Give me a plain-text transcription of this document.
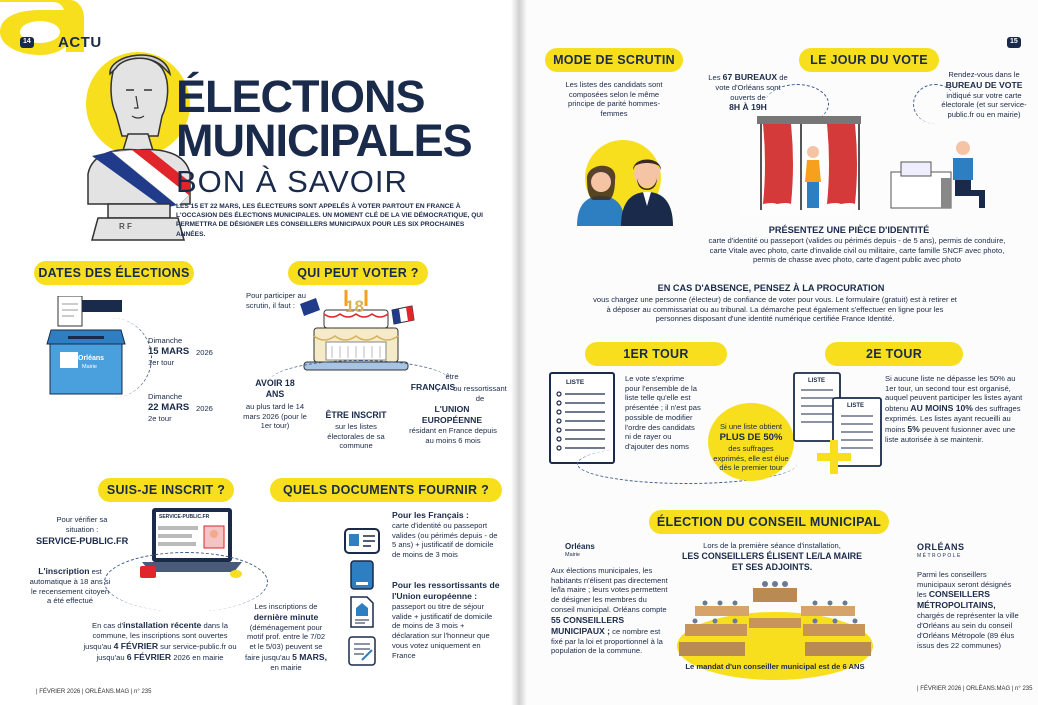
14 ACTU
R F
ÉLECTIONS
MUNICIPALES
BON À SAVOIR
LES 15 ET 22 MARS, LES ÉLECTEURS SONT APPELÉS À VOTER PARTOUT EN FRANCE À L'OCCASION DES ÉLECTIONS MUNICIPALES. UN MOMENT CLÉ DE LA VIE DÉMOCRATIQUE, QUI PERMETTRA DE DÉSIGNER LES CONSEILLERS MUNICIPAUX POUR LES SIX PROCHAINES ANNÉES.
DATES DES ÉLECTIONS
Orléans
Mairie
Dimanche
15 MARS 2026
1er tour
Dimanche
22 MARS 2026
2e tour
QUI PEUT VOTER ?
Pour participer au scrutin, il faut :	18
AVOIR 18 ANS
au plus tard le 14 mars 2026 (pour le 1er tour)
ÊTRE INSCRIT
sur les listes électorales de sa commune
être
FRANÇAIS
ou ressortissant de
L'UNION EUROPÉENNE
résidant en France depuis au moins 6 mois
SUIS-JE INSCRIT ?
Pour vérifier sa situation :
SERVICE-PUBLIC.FR
SERVICE-PUBLIC.FR
L'inscription est automatique à 18 ans si le recensement citoyen a été effectué
En cas d'installation récente dans la commune, les inscriptions sont ouvertes jusqu'au 4 FÉVRIER sur service-public.fr ou jusqu'au 6 FÉVRIER 2026 en mairie
Les inscriptions de dernière minute (déménagement pour motif prof. entre le 7/02 et le 5/03) peuvent se faire jusqu'au 5 MARS, en mairie
QUELS DOCUMENTS FOURNIR ?
Pour les Français :
carte d'identité ou passeport valides (ou périmés depuis - de 5 ans) + justificatif de domicile de moins de 3 mois
Pour les ressortissants de l'Union européenne :
passeport ou titre de séjour valide + justificatif de domicile de moins de 3 mois + déclaration sur l'honneur que vous votez uniquement en France
| FÉVRIER 2026 | ORLÉANS.MAG | n° 235
15
MODE DE SCRUTIN
Les listes des candidats sont composées selon le même principe de parité hommes-femmes
LE JOUR DU VOTE
Les 67 BUREAUX de vote d'Orléans sont ouverts de
8H À 19H
Rendez-vous dans le BUREAU DE VOTE indiqué sur votre carte électorale (et sur service-public.fr ou en mairie)
PRÉSENTEZ UNE PIÈCE D'IDENTITÉ
carte d'identité ou passeport (valides ou périmés depuis - de 5 ans), permis de conduire, carte Vitale avec photo, carte d'invalide civil ou militaire, carte famille SNCF avec photo, permis de chasse avec photo, carte d'agent public avec photo
EN CAS D'ABSENCE, PENSEZ À LA PROCURATION
vous chargez une personne (électeur) de confiance de voter pour vous. Le formulaire (gratuit) est à retirer et à déposer au commissariat ou au tribunal. La démarche peut également s'effectuer en ligne pour les personnes disposant d'une identité numérique certifiée France Identité.
1ER TOUR
LISTE	Le vote s'exprime pour l'ensemble de la liste telle qu'elle est présentée ; il n'est pas possible de modifier l'ordre des candidats ni de rayer ou d'ajouter des noms
Si une liste obtient
PLUS DE 50%
des suffrages exprimés, elle est élue dès le premier tour
2E TOUR
LISTE
LISTE
Si aucune liste ne dépasse les 50% au 1er tour, un second tour est organisé, auquel peuvent participer les listes ayant obtenu AU MOINS 10% des suffrages exprimés. Les listes ayant recueilli au moins 5% peuvent fusionner avec une liste autorisée à se maintenir.
ÉLECTION DU CONSEIL MUNICIPAL
Orléans
Mairie
Aux élections municipales, les habitants n'élisent pas directement le/la maire ; leurs votes permettent de désigner les membres du conseil municipal. Orléans compte 55 CONSEILLERS MUNICIPAUX ; ce nombre est fixé par la loi et proportionnel à la population de la commune.
Lors de la première séance d'installation,
LES CONSEILLERS ÉLISENT LE/LA MAIRE ET SES ADJOINTS.
Le mandat d'un conseiller municipal est de 6 ANS
ORLÉANS
MÉTROPOLE
Parmi les conseillers municipaux seront désignés les CONSEILLERS MÉTROPOLITAINS, chargés de représenter la ville d'Orléans au sein du conseil d'Orléans Métropole (89 élus issus des 22 communes)
| FÉVRIER 2026 | ORLÉANS.MAG | n° 235
